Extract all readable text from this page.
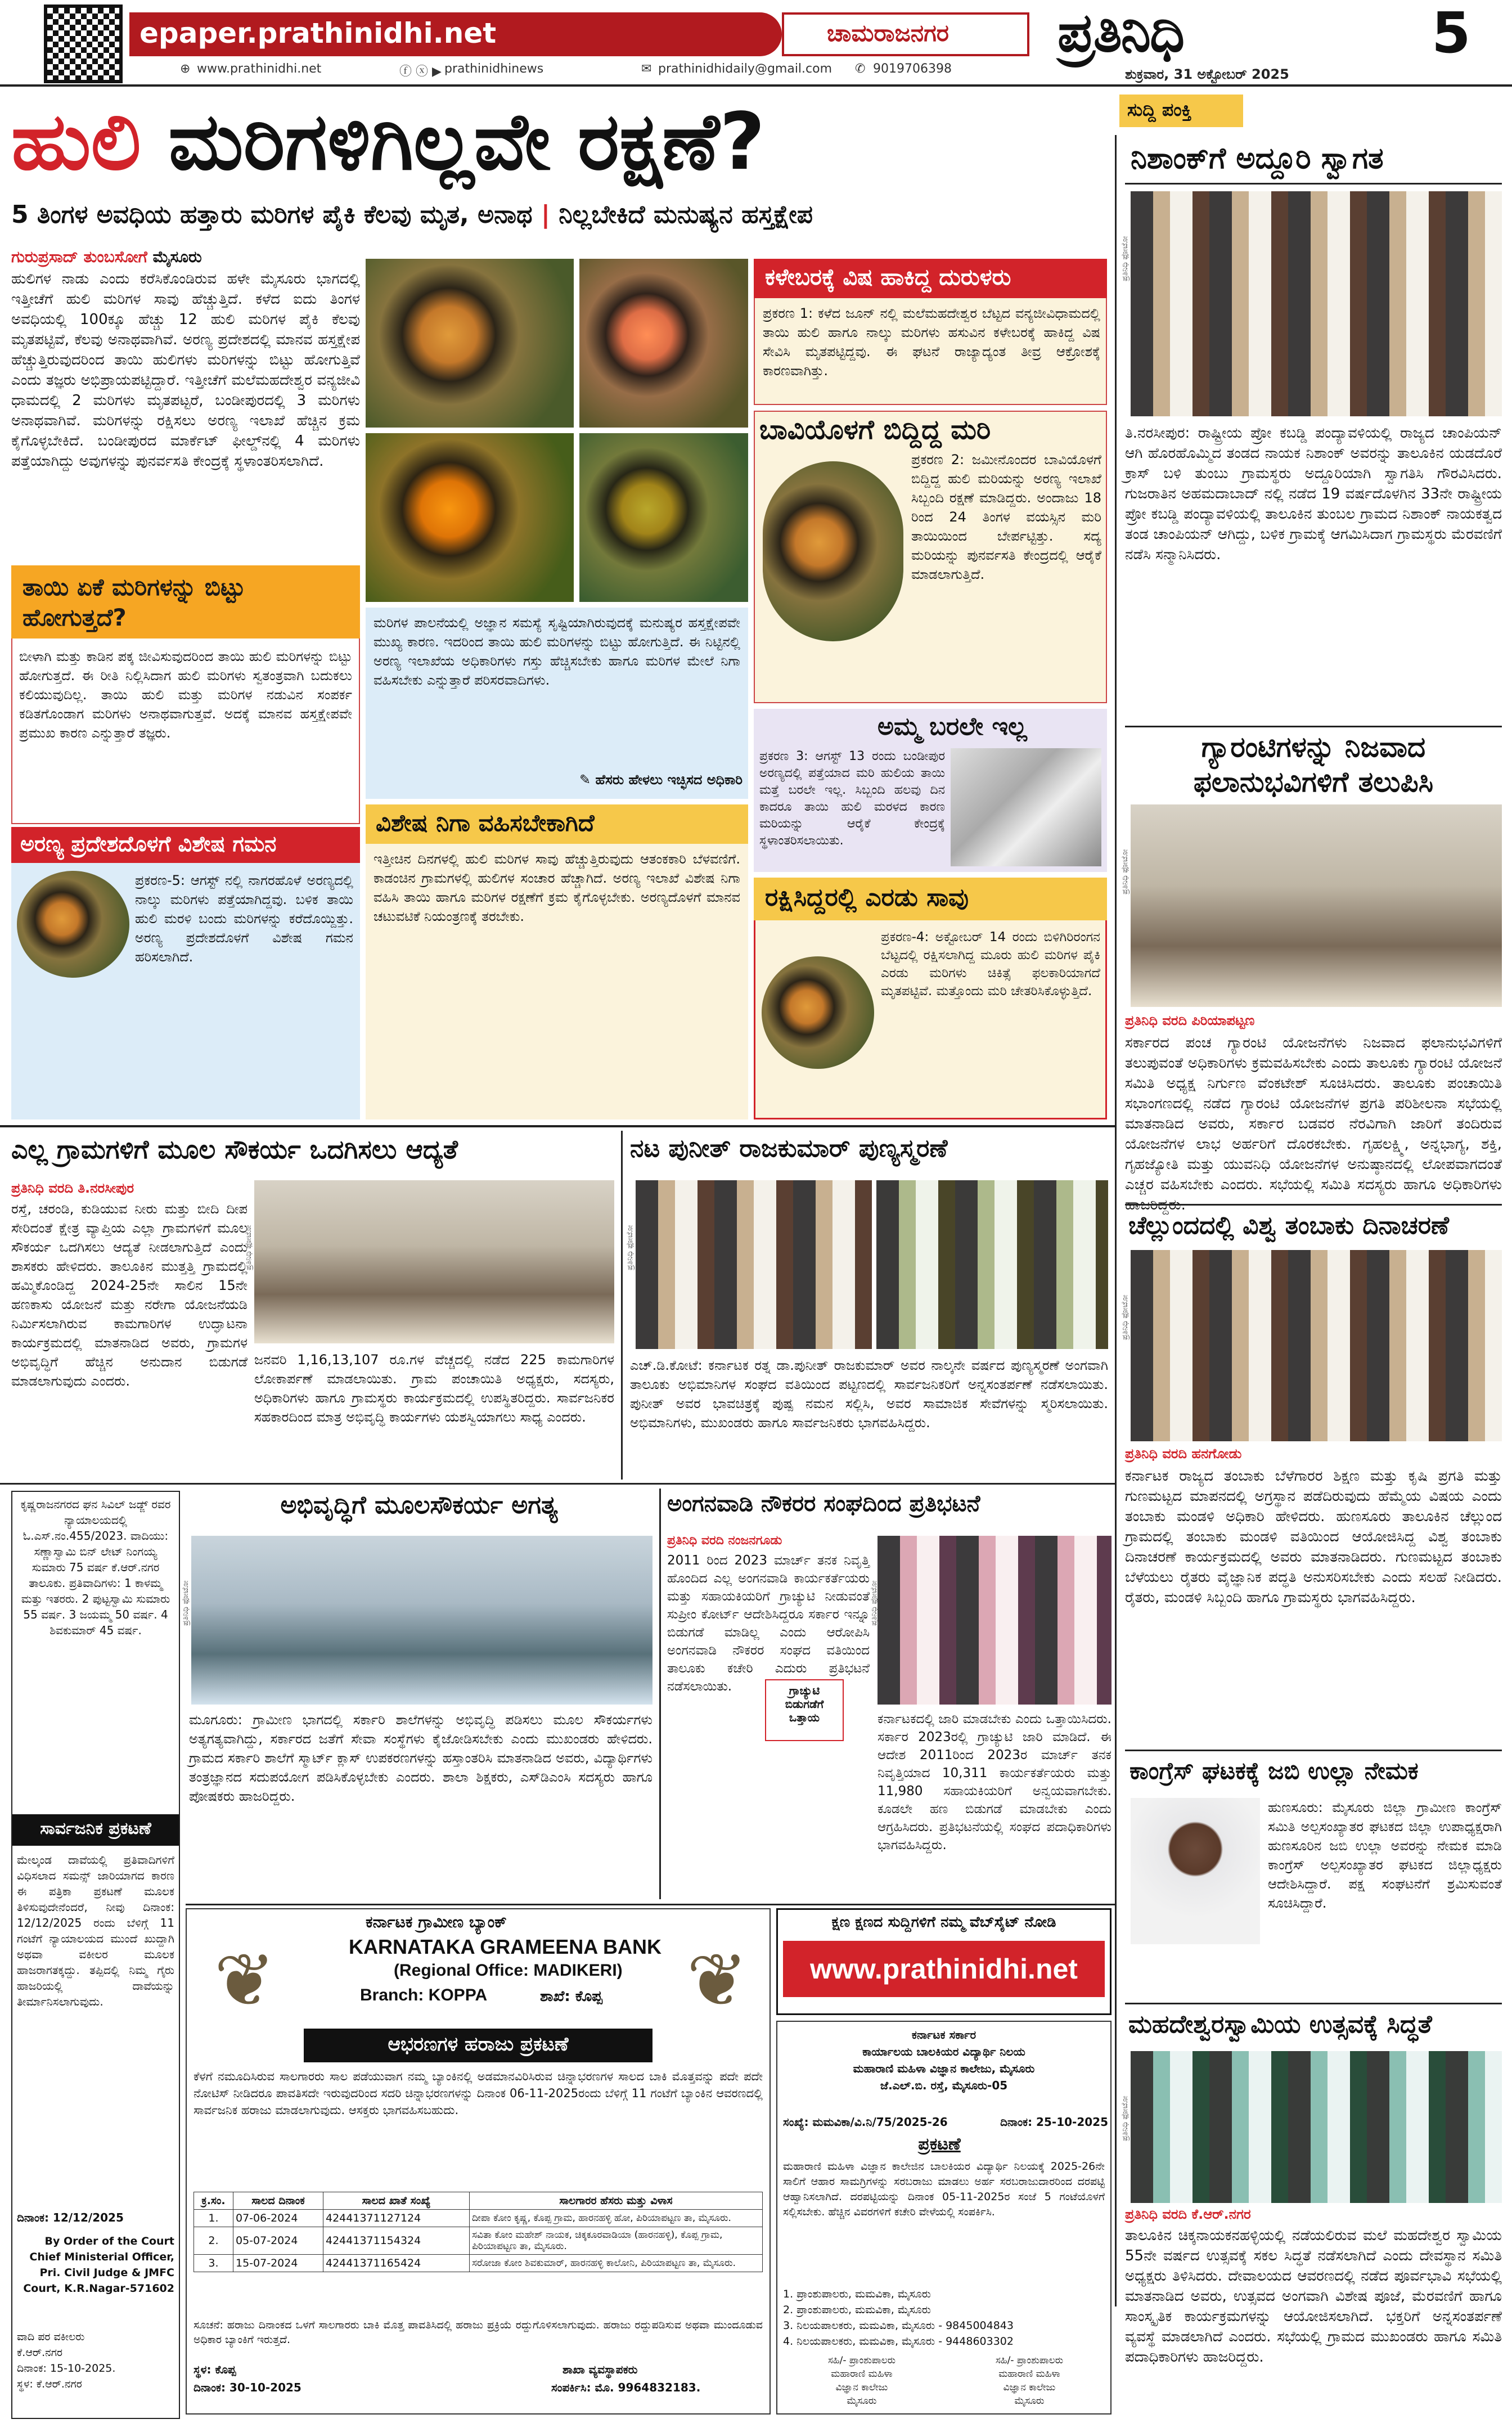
epaper.prathinidhi.net	ಚಾಮರಾಜನಗರ
⊕ www.prathinidhi.net	ⓕ ⓧ ▶ prathinidhinews	✉ prathinidhidaily@gmail.com ✆ 9019706398
ಪ್ರತಿನಿಧಿ	5
ಶುಕ್ರವಾರ, 31 ಅಕ್ಟೋಬರ್ 2025
ಹುಲಿ ಮರಿಗಳಿಗಿಲ್ಲವೇ ರಕ್ಷಣೆ?	ಸುದ್ದಿ ಪಂಕ್ತಿ
5 ತಿಂಗಳ ಅವಧಿಯ ಹತ್ತಾರು ಮರಿಗಳ ಪೈಕಿ ಕೆಲವು ಮೃತ, ಅನಾಥ | ನಿಲ್ಲಬೇಕಿದೆ ಮನುಷ್ಯನ ಹಸ್ತಕ್ಷೇಪ
ಗುರುಪ್ರಸಾದ್ ತುಂಬಸೋಗೆ ಮೈಸೂರು
ಹುಲಿಗಳ ನಾಡು ಎಂದು ಕರೆಸಿಕೊಂಡಿರುವ ಹಳೇ ಮೈಸೂರು ಭಾಗದಲ್ಲಿ ಇತ್ತೀಚೆಗೆ ಹುಲಿ ಮರಿಗಳ ಸಾವು ಹೆಚ್ಚುತ್ತಿದೆ. ಕಳೆದ ಐದು ತಿಂಗಳ ಅವಧಿಯಲ್ಲಿ 100ಕ್ಕೂ ಹೆಚ್ಚು 12 ಹುಲಿ ಮರಿಗಳ ಪೈಕಿ ಕೆಲವು ಮೃತಪಟ್ಟಿವೆ, ಕೆಲವು ಅನಾಥವಾಗಿವೆ. ಅರಣ್ಯ ಪ್ರದೇಶದಲ್ಲಿ ಮಾನವ ಹಸ್ತಕ್ಷೇಪ ಹೆಚ್ಚುತ್ತಿರುವುದರಿಂದ ತಾಯಿ ಹುಲಿಗಳು ಮರಿಗಳನ್ನು ಬಿಟ್ಟು ಹೋಗುತ್ತಿವೆ ಎಂದು ತಜ್ಞರು ಅಭಿಪ್ರಾಯಪಟ್ಟಿದ್ದಾರೆ. ಇತ್ತೀಚೆಗೆ ಮಲೆಮಹದೇಶ್ವರ ವನ್ಯಜೀವಿ ಧಾಮದಲ್ಲಿ 2 ಮರಿಗಳು ಮೃತಪಟ್ಟರೆ, ಬಂಡೀಪುರದಲ್ಲಿ 3 ಮರಿಗಳು ಅನಾಥವಾಗಿವೆ. ಮರಿಗಳನ್ನು ರಕ್ಷಿಸಲು ಅರಣ್ಯ ಇಲಾಖೆ ಹೆಚ್ಚಿನ ಕ್ರಮ ಕೈಗೊಳ್ಳಬೇಕಿದೆ. ಬಂಡೀಪುರದ ಮಾರ್ಕೆಟ್ ಫೀಲ್ಡ್‌ನಲ್ಲಿ 4 ಮರಿಗಳು ಪತ್ತೆಯಾಗಿದ್ದು ಅವುಗಳನ್ನು ಪುನರ್ವಸತಿ ಕೇಂದ್ರಕ್ಕೆ ಸ್ಥಳಾಂತರಿಸಲಾಗಿದೆ.
ಕಳೇಬರಕ್ಕೆ ವಿಷ ಹಾಕಿದ್ದ ದುರುಳರು
ಪ್ರಕರಣ 1: ಕಳೆದ ಜೂನ್ ನಲ್ಲಿ ಮಲೆಮಹದೇಶ್ವರ ಬೆಟ್ಟದ ವನ್ಯಜೀವಿಧಾಮದಲ್ಲಿ ತಾಯಿ ಹುಲಿ ಹಾಗೂ ನಾಲ್ಕು ಮರಿಗಳು ಹಸುವಿನ ಕಳೇಬರಕ್ಕೆ ಹಾಕಿದ್ದ ವಿಷ ಸೇವಿಸಿ ಮೃತಪಟ್ಟಿದ್ದವು. ಈ ಘಟನೆ ರಾಜ್ಯಾದ್ಯಂತ ತೀವ್ರ ಆಕ್ರೋಶಕ್ಕೆ ಕಾರಣವಾಗಿತ್ತು.
ಬಾವಿಯೊಳಗೆ ಬಿದ್ದಿದ್ದ ಮರಿ
ಪ್ರಕರಣ 2: ಜಮೀನೊಂದರ ಬಾವಿಯೊಳಗೆ ಬಿದ್ದಿದ್ದ ಹುಲಿ ಮರಿಯನ್ನು ಅರಣ್ಯ ಇಲಾಖೆ ಸಿಬ್ಬಂದಿ ರಕ್ಷಣೆ ಮಾಡಿದ್ದರು. ಅಂದಾಜು 18 ರಿಂದ 24 ತಿಂಗಳ ವಯಸ್ಸಿನ ಮರಿ ತಾಯಿಯಿಂದ ಬೇರ್ಪಟ್ಟಿತ್ತು. ಸದ್ಯ ಮರಿಯನ್ನು ಪುನರ್ವಸತಿ ಕೇಂದ್ರದಲ್ಲಿ ಆರೈಕೆ ಮಾಡಲಾಗುತ್ತಿದೆ.
ತಾಯಿ ಏಕೆ ಮರಿಗಳನ್ನು ಬಿಟ್ಟು ಹೋಗುತ್ತದೆ?
ಬೀಳಾಗಿ ಮತ್ತು ಕಾಡಿನ ಪಕ್ಕ ಜೀವಿಸುವುದರಿಂದ ತಾಯಿ ಹುಲಿ ಮರಿಗಳನ್ನು ಬಿಟ್ಟು ಹೋಗುತ್ತದೆ. ಈ ರೀತಿ ನಿಲ್ಲಿಸಿದಾಗ ಹುಲಿ ಮರಿಗಳು ಸ್ವತಂತ್ರವಾಗಿ ಬದುಕಲು ಕಲಿಯುವುದಿಲ್ಲ. ತಾಯಿ ಹುಲಿ ಮತ್ತು ಮರಿಗಳ ನಡುವಿನ ಸಂಪರ್ಕ ಕಡಿತಗೊಂಡಾಗ ಮರಿಗಳು ಅನಾಥವಾಗುತ್ತವೆ. ಅದಕ್ಕೆ ಮಾನವ ಹಸ್ತಕ್ಷೇಪವೇ ಪ್ರಮುಖ ಕಾರಣ ಎನ್ನುತ್ತಾರೆ ತಜ್ಞರು.
ಮರಿಗಳ ಪಾಲನೆಯಲ್ಲಿ ಅಜ್ಞಾನ ಸಮಸ್ಯೆ ಸೃಷ್ಟಿಯಾಗಿರುವುದಕ್ಕೆ ಮನುಷ್ಯರ ಹಸ್ತಕ್ಷೇಪವೇ ಮುಖ್ಯ ಕಾರಣ. ಇದರಿಂದ ತಾಯಿ ಹುಲಿ ಮರಿಗಳನ್ನು ಬಿಟ್ಟು ಹೋಗುತ್ತಿದೆ. ಈ ನಿಟ್ಟಿನಲ್ಲಿ ಅರಣ್ಯ ಇಲಾಖೆಯ ಅಧಿಕಾರಿಗಳು ಗಸ್ತು ಹೆಚ್ಚಿಸಬೇಕು ಹಾಗೂ ಮರಿಗಳ ಮೇಲೆ ನಿಗಾ ವಹಿಸಬೇಕು ಎನ್ನುತ್ತಾರೆ ಪರಿಸರವಾದಿಗಳು.
✎ ಹೆಸರು ಹೇಳಲು ಇಚ್ಛಿಸದ ಅಧಿಕಾರಿ
ವಿಶೇಷ ನಿಗಾ ವಹಿಸಬೇಕಾಗಿದೆ
ಇತ್ತೀಚಿನ ದಿನಗಳಲ್ಲಿ ಹುಲಿ ಮರಿಗಳ ಸಾವು ಹೆಚ್ಚುತ್ತಿರುವುದು ಆತಂಕಕಾರಿ ಬೆಳವಣಿಗೆ. ಕಾಡಂಚಿನ ಗ್ರಾಮಗಳಲ್ಲಿ ಹುಲಿಗಳ ಸಂಚಾರ ಹೆಚ್ಚಾಗಿದೆ. ಅರಣ್ಯ ಇಲಾಖೆ ವಿಶೇಷ ನಿಗಾ ವಹಿಸಿ ತಾಯಿ ಹಾಗೂ ಮರಿಗಳ ರಕ್ಷಣೆಗೆ ಕ್ರಮ ಕೈಗೊಳ್ಳಬೇಕು. ಅರಣ್ಯದೊಳಗೆ ಮಾನವ ಚಟುವಟಿಕೆ ನಿಯಂತ್ರಣಕ್ಕೆ ತರಬೇಕು.
ಅಮ್ಮ ಬರಲೇ ಇಲ್ಲ
ಪ್ರಕರಣ 3: ಆಗಸ್ಟ್ 13 ರಂದು ಬಂಡೀಪುರ ಅರಣ್ಯದಲ್ಲಿ ಪತ್ತೆಯಾದ ಮರಿ ಹುಲಿಯ ತಾಯಿ ಮತ್ತೆ ಬರಲೇ ಇಲ್ಲ. ಸಿಬ್ಬಂದಿ ಹಲವು ದಿನ ಕಾದರೂ ತಾಯಿ ಹುಲಿ ಮರಳದ ಕಾರಣ ಮರಿಯನ್ನು ಆರೈಕೆ ಕೇಂದ್ರಕ್ಕೆ ಸ್ಥಳಾಂತರಿಸಲಾಯಿತು.
ಅರಣ್ಯ ಪ್ರದೇಶದೊಳಗೆ ವಿಶೇಷ ಗಮನ
ಪ್ರಕರಣ-5: ಆಗಸ್ಟ್ ನಲ್ಲಿ ನಾಗರಹೊಳೆ ಅರಣ್ಯದಲ್ಲಿ ನಾಲ್ಕು ಮರಿಗಳು ಪತ್ತೆಯಾಗಿದ್ದವು. ಬಳಿಕ ತಾಯಿ ಹುಲಿ ಮರಳಿ ಬಂದು ಮರಿಗಳನ್ನು ಕರೆದೊಯ್ದಿತ್ತು. ಅರಣ್ಯ ಪ್ರದೇಶದೊಳಗೆ ವಿಶೇಷ ಗಮನ ಹರಿಸಲಾಗಿದೆ.
ರಕ್ಷಿಸಿದ್ದರಲ್ಲಿ ಎರಡು ಸಾವು
ಪ್ರಕರಣ-4: ಅಕ್ಟೋಬರ್ 14 ರಂದು ಬಿಳಿಗಿರಿರಂಗನ ಬೆಟ್ಟದಲ್ಲಿ ರಕ್ಷಿಸಲಾಗಿದ್ದ ಮೂರು ಹುಲಿ ಮರಿಗಳ ಪೈಕಿ ಎರಡು ಮರಿಗಳು ಚಿಕಿತ್ಸೆ ಫಲಕಾರಿಯಾಗದೆ ಮೃತಪಟ್ಟಿವೆ. ಮತ್ತೊಂದು ಮರಿ ಚೇತರಿಸಿಕೊಳ್ಳುತ್ತಿದೆ.
ನಿಶಾಂಕ್‌ಗೆ ಅದ್ದೂರಿ ಸ್ವಾಗತ
ಪ್ರತಿನಿಧಿ ಫೋಟೋ
ತಿ.ನರಸೀಪುರ: ರಾಷ್ಟ್ರೀಯ ಪ್ರೋ ಕಬಡ್ಡಿ ಪಂದ್ಯಾವಳಿಯಲ್ಲಿ ರಾಜ್ಯದ ಚಾಂಪಿಯನ್ ಆಗಿ ಹೊರಹೊಮ್ಮಿದ ತಂಡದ ನಾಯಕ ನಿಶಾಂಕ್ ಅವರನ್ನು ತಾಲೂಕಿನ ಯಡದೊರೆ ಕ್ರಾಸ್ ಬಳಿ ತುಂಬು ಗ್ರಾಮಸ್ಥರು ಅದ್ದೂರಿಯಾಗಿ ಸ್ವಾಗತಿಸಿ ಗೌರವಿಸಿದರು. ಗುಜರಾತಿನ ಅಹಮದಾಬಾದ್ ನಲ್ಲಿ ನಡೆದ 19 ವರ್ಷದೊಳಗಿನ 33ನೇ ರಾಷ್ಟ್ರೀಯ ಪ್ರೋ ಕಬಡ್ಡಿ ಪಂದ್ಯಾವಳಿಯಲ್ಲಿ ತಾಲೂಕಿನ ತುಂಬಲ ಗ್ರಾಮದ ನಿಶಾಂಕ್ ನಾಯಕತ್ವದ ತಂಡ ಚಾಂಪಿಯನ್ ಆಗಿದ್ದು, ಬಳಿಕ ಗ್ರಾಮಕ್ಕೆ ಆಗಮಿಸಿದಾಗ ಗ್ರಾಮಸ್ಥರು ಮೆರವಣಿಗೆ ನಡೆಸಿ ಸನ್ಮಾನಿಸಿದರು.
ಗ್ಯಾರಂಟಿಗಳನ್ನು ನಿಜವಾದ ಫಲಾನುಭವಿಗಳಿಗೆ ತಲುಪಿಸಿ
ಪ್ರತಿನಿಧಿ ಫೋಟೋ
ಪ್ರತಿನಿಧಿ ವರದಿ ಪಿರಿಯಾಪಟ್ಟಣ
ಸರ್ಕಾರದ ಪಂಚ ಗ್ಯಾರಂಟಿ ಯೋಜನೆಗಳು ನಿಜವಾದ ಫಲಾನುಭವಿಗಳಿಗೆ ತಲುಪುವಂತೆ ಅಧಿಕಾರಿಗಳು ಕ್ರಮವಹಿಸಬೇಕು ಎಂದು ತಾಲೂಕು ಗ್ಯಾರಂಟಿ ಯೋಜನೆ ಸಮಿತಿ ಅಧ್ಯಕ್ಷ ನಿರ್ಗುಣ ವೆಂಕಟೇಶ್ ಸೂಚಿಸಿದರು. ತಾಲೂಕು ಪಂಚಾಯಿತಿ ಸಭಾಂಗಣದಲ್ಲಿ ನಡೆದ ಗ್ಯಾರಂಟಿ ಯೋಜನೆಗಳ ಪ್ರಗತಿ ಪರಿಶೀಲನಾ ಸಭೆಯಲ್ಲಿ ಮಾತನಾಡಿದ ಅವರು, ಸರ್ಕಾರ ಬಡವರ ನೆರವಿಗಾಗಿ ಜಾರಿಗೆ ತಂದಿರುವ ಯೋಜನೆಗಳ ಲಾಭ ಅರ್ಹರಿಗೆ ದೊರಕಬೇಕು. ಗೃಹಲಕ್ಷ್ಮಿ, ಅನ್ನಭಾಗ್ಯ, ಶಕ್ತಿ, ಗೃಹಜ್ಯೋತಿ ಮತ್ತು ಯುವನಿಧಿ ಯೋಜನೆಗಳ ಅನುಷ್ಠಾನದಲ್ಲಿ ಲೋಪವಾಗದಂತೆ ಎಚ್ಚರ ವಹಿಸಬೇಕು ಎಂದರು. ಸಭೆಯಲ್ಲಿ ಸಮಿತಿ ಸದಸ್ಯರು ಹಾಗೂ ಅಧಿಕಾರಿಗಳು ಹಾಜರಿದ್ದರು.
ಚೆಲ್ಲುಂದದಲ್ಲಿ ವಿಶ್ವ ತಂಬಾಕು ದಿನಾಚರಣೆ
ಪ್ರತಿನಿಧಿ ಫೋಟೋ
ಪ್ರತಿನಿಧಿ ವರದಿ ಹನಗೋಡು
ಕರ್ನಾಟಕ ರಾಜ್ಯದ ತಂಬಾಕು ಬೆಳೆಗಾರರ ಶಿಕ್ಷಣ ಮತ್ತು ಕೃಷಿ ಪ್ರಗತಿ ಮತ್ತು ಗುಣಮಟ್ಟದ ಮಾಪನದಲ್ಲಿ ಅಗ್ರಸ್ಥಾನ ಪಡೆದಿರುವುದು ಹೆಮ್ಮೆಯ ವಿಷಯ ಎಂದು ತಂಬಾಕು ಮಂಡಳಿ ಅಧಿಕಾರಿ ಹೇಳಿದರು. ಹುಣಸೂರು ತಾಲೂಕಿನ ಚೆಲ್ಲುಂದ ಗ್ರಾಮದಲ್ಲಿ ತಂಬಾಕು ಮಂಡಳಿ ವತಿಯಿಂದ ಆಯೋಜಿಸಿದ್ದ ವಿಶ್ವ ತಂಬಾಕು ದಿನಾಚರಣೆ ಕಾರ್ಯಕ್ರಮದಲ್ಲಿ ಅವರು ಮಾತನಾಡಿದರು. ಗುಣಮಟ್ಟದ ತಂಬಾಕು ಬೆಳೆಯಲು ರೈತರು ವೈಜ್ಞಾನಿಕ ಪದ್ಧತಿ ಅನುಸರಿಸಬೇಕು ಎಂದು ಸಲಹೆ ನೀಡಿದರು. ರೈತರು, ಮಂಡಳಿ ಸಿಬ್ಬಂದಿ ಹಾಗೂ ಗ್ರಾಮಸ್ಥರು ಭಾಗವಹಿಸಿದ್ದರು.
ಕಾಂಗ್ರೆಸ್ ಘಟಕಕ್ಕೆ ಜಬಿ ಉಲ್ಲಾ ನೇಮಕ
ಹುಣಸೂರು: ಮೈಸೂರು ಜಿಲ್ಲಾ ಗ್ರಾಮೀಣ ಕಾಂಗ್ರೆಸ್ ಸಮಿತಿ ಅಲ್ಪಸಂಖ್ಯಾತರ ಘಟಕದ ಜಿಲ್ಲಾ ಉಪಾಧ್ಯಕ್ಷರಾಗಿ ಹುಣಸೂರಿನ ಜಬಿ ಉಲ್ಲಾ ಅವರನ್ನು ನೇಮಕ ಮಾಡಿ ಕಾಂಗ್ರೆಸ್ ಅಲ್ಪಸಂಖ್ಯಾತರ ಘಟಕದ ಜಿಲ್ಲಾಧ್ಯಕ್ಷರು ಆದೇಶಿಸಿದ್ದಾರೆ. ಪಕ್ಷ ಸಂಘಟನೆಗೆ ಶ್ರಮಿಸುವಂತೆ ಸೂಚಿಸಿದ್ದಾರೆ.
ಮಹದೇಶ್ವರಸ್ವಾಮಿಯ ಉತ್ಸವಕ್ಕೆ ಸಿದ್ಧತೆ
ಪ್ರತಿನಿಧಿ ಫೋಟೋ
ಪ್ರತಿನಿಧಿ ವರದಿ ಕೆ.ಆರ್.ನಗರ
ತಾಲೂಕಿನ ಚಿಕ್ಕನಾಯಕನಹಳ್ಳಿಯಲ್ಲಿ ನಡೆಯಲಿರುವ ಮಲೆ ಮಹದೇಶ್ವರ ಸ್ವಾಮಿಯ 55ನೇ ವರ್ಷದ ಉತ್ಸವಕ್ಕೆ ಸಕಲ ಸಿದ್ಧತೆ ನಡೆಸಲಾಗಿದೆ ಎಂದು ದೇವಸ್ಥಾನ ಸಮಿತಿ ಅಧ್ಯಕ್ಷರು ತಿಳಿಸಿದರು. ದೇವಾಲಯದ ಆವರಣದಲ್ಲಿ ನಡೆದ ಪೂರ್ವಭಾವಿ ಸಭೆಯಲ್ಲಿ ಮಾತನಾಡಿದ ಅವರು, ಉತ್ಸವದ ಅಂಗವಾಗಿ ವಿಶೇಷ ಪೂಜೆ, ಮೆರವಣಿಗೆ ಹಾಗೂ ಸಾಂಸ್ಕೃತಿಕ ಕಾರ್ಯಕ್ರಮಗಳನ್ನು ಆಯೋಜಿಸಲಾಗಿದೆ. ಭಕ್ತರಿಗೆ ಅನ್ನಸಂತರ್ಪಣೆ ವ್ಯವಸ್ಥೆ ಮಾಡಲಾಗಿದೆ ಎಂದರು. ಸಭೆಯಲ್ಲಿ ಗ್ರಾಮದ ಮುಖಂಡರು ಹಾಗೂ ಸಮಿತಿ ಪದಾಧಿಕಾರಿಗಳು ಹಾಜರಿದ್ದರು.
ಎಲ್ಲ ಗ್ರಾಮಗಳಿಗೆ ಮೂಲ ಸೌಕರ್ಯ ಒದಗಿಸಲು ಆದ್ಯತೆ
ಪ್ರತಿನಿಧಿ ವರದಿ ತಿ.ನರಸೀಪುರ
ರಸ್ತೆ, ಚರಂಡಿ, ಕುಡಿಯುವ ನೀರು ಮತ್ತು ಬೀದಿ ದೀಪ ಸೇರಿದಂತೆ ಕ್ಷೇತ್ರ ವ್ಯಾಪ್ತಿಯ ಎಲ್ಲಾ ಗ್ರಾಮಗಳಿಗೆ ಮೂಲ ಸೌಕರ್ಯ ಒದಗಿಸಲು ಆದ್ಯತೆ ನೀಡಲಾಗುತ್ತಿದೆ ಎಂದು ಶಾಸಕರು ಹೇಳಿದರು. ತಾಲೂಕಿನ ಮುತ್ತತ್ತಿ ಗ್ರಾಮದಲ್ಲಿ ಹಮ್ಮಿಕೊಂಡಿದ್ದ 2024-25ನೇ ಸಾಲಿನ 15ನೇ ಹಣಕಾಸು ಯೋಜನೆ ಮತ್ತು ನರೇಗಾ ಯೋಜನೆಯಡಿ ನಿರ್ಮಿಸಲಾಗಿರುವ ಕಾಮಗಾರಿಗಳ ಉದ್ಘಾಟನಾ ಕಾರ್ಯಕ್ರಮದಲ್ಲಿ ಮಾತನಾಡಿದ ಅವರು, ಗ್ರಾಮಗಳ ಅಭಿವೃದ್ಧಿಗೆ ಹೆಚ್ಚಿನ ಅನುದಾನ ಬಿಡುಗಡೆ ಮಾಡಲಾಗುವುದು ಎಂದರು.
ಪ್ರತಿನಿಧಿ ಫೋಟೋ
ಜನವರಿ 1,16,13,107 ರೂ.ಗಳ ವೆಚ್ಚದಲ್ಲಿ ನಡೆದ 225 ಕಾಮಗಾರಿಗಳ ಲೋಕಾರ್ಪಣೆ ಮಾಡಲಾಯಿತು. ಗ್ರಾಮ ಪಂಚಾಯಿತಿ ಅಧ್ಯಕ್ಷರು, ಸದಸ್ಯರು, ಅಧಿಕಾರಿಗಳು ಹಾಗೂ ಗ್ರಾಮಸ್ಥರು ಕಾರ್ಯಕ್ರಮದಲ್ಲಿ ಉಪಸ್ಥಿತರಿದ್ದರು. ಸಾರ್ವಜನಿಕರ ಸಹಕಾರದಿಂದ ಮಾತ್ರ ಅಭಿವೃದ್ಧಿ ಕಾರ್ಯಗಳು ಯಶಸ್ವಿಯಾಗಲು ಸಾಧ್ಯ ಎಂದರು.
ನಟ ಪುನೀತ್ ರಾಜಕುಮಾರ್ ಪುಣ್ಯಸ್ಮರಣೆ
ಪ್ರತಿನಿಧಿ ಫೋಟೋ
ಎಚ್.ಡಿ.ಕೋಟೆ: ಕರ್ನಾಟಕ ರತ್ನ ಡಾ.ಪುನೀತ್ ರಾಜಕುಮಾರ್ ಅವರ ನಾಲ್ಕನೇ ವರ್ಷದ ಪುಣ್ಯಸ್ಮರಣೆ ಅಂಗವಾಗಿ ತಾಲೂಕು ಅಭಿಮಾನಿಗಳ ಸಂಘದ ವತಿಯಿಂದ ಪಟ್ಟಣದಲ್ಲಿ ಸಾರ್ವಜನಿಕರಿಗೆ ಅನ್ನಸಂತರ್ಪಣೆ ನಡೆಸಲಾಯಿತು. ಪುನೀತ್ ಅವರ ಭಾವಚಿತ್ರಕ್ಕೆ ಪುಷ್ಪ ನಮನ ಸಲ್ಲಿಸಿ, ಅವರ ಸಾಮಾಜಿಕ ಸೇವೆಗಳನ್ನು ಸ್ಮರಿಸಲಾಯಿತು. ಅಭಿಮಾನಿಗಳು, ಮುಖಂಡರು ಹಾಗೂ ಸಾರ್ವಜನಿಕರು ಭಾಗವಹಿಸಿದ್ದರು.
ಕೃಷ್ಣರಾಜನಗರದ ಘನ ಸಿವಿಲ್ ಜಡ್ಜ್ ರವರ ನ್ಯಾಯಾಲಯದಲ್ಲಿ ಓ.ಎಸ್.ನಂ.455/2023. ವಾದಿಯು: ಸಣ್ಣಾಸ್ವಾಮಿ ಬಿನ್ ಲೇಟ್ ನಿಂಗಯ್ಯ ಸುಮಾರು 75 ವರ್ಷ ಕೆ.ಆರ್.ನಗರ ತಾಲೂಕು. ಪ್ರತಿವಾದಿಗಳು: 1 ಕಾಳಮ್ಮ ಮತ್ತು ಇತರರು. 2 ಪುಟ್ಟಸ್ವಾಮಿ ಸುಮಾರು 55 ವರ್ಷ. 3 ಜಯಮ್ಮ 50 ವರ್ಷ. 4 ಶಿವಕುಮಾರ್ 45 ವರ್ಷ.
ಸಾರ್ವಜನಿಕ ಪ್ರಕಟಣೆ
ಮೇಲ್ಕಂಡ ದಾವೆಯಲ್ಲಿ ಪ್ರತಿವಾದಿಗಳಿಗೆ ವಿಧಿಸಲಾದ ಸಮನ್ಸ್ ಜಾರಿಯಾಗದ ಕಾರಣ ಈ ಪತ್ರಿಕಾ ಪ್ರಕಟಣೆ ಮೂಲಕ ತಿಳಿಸುವುದೇನೆಂದರೆ, ನೀವು ದಿನಾಂಕ: 12/12/2025 ರಂದು ಬೆಳಿಗ್ಗೆ 11 ಗಂಟೆಗೆ ನ್ಯಾಯಾಲಯದ ಮುಂದೆ ಖುದ್ದಾಗಿ ಅಥವಾ ವಕೀಲರ ಮೂಲಕ ಹಾಜರಾಗತಕ್ಕದ್ದು. ತಪ್ಪಿದಲ್ಲಿ ನಿಮ್ಮ ಗೈರು ಹಾಜರಿಯಲ್ಲಿ ದಾವೆಯನ್ನು ತೀರ್ಮಾನಿಸಲಾಗುವುದು.
ದಿನಾಂಕ: 12/12/2025
By Order of the Court
Chief Ministerial Officer,
Pri. Civil Judge & JMFC
Court, K.R.Nagar-571602
ವಾದಿ ಪರ ವಕೀಲರು
ಕೆ.ಆರ್.ನಗರ
ದಿನಾಂಕ: 15-10-2025.
ಸ್ಥಳ: ಕೆ.ಆರ್.ನಗರ
ಅಭಿವೃದ್ಧಿಗೆ ಮೂಲಸೌಕರ್ಯ ಅಗತ್ಯ
ಪ್ರತಿನಿಧಿ ಫೋಟೋ
ಮೂಗೂರು: ಗ್ರಾಮೀಣ ಭಾಗದಲ್ಲಿ ಸರ್ಕಾರಿ ಶಾಲೆಗಳನ್ನು ಅಭಿವೃದ್ಧಿ ಪಡಿಸಲು ಮೂಲ ಸೌಕರ್ಯಗಳು ಅತ್ಯಗತ್ಯವಾಗಿದ್ದು, ಸರ್ಕಾರದ ಜತೆಗೆ ಸೇವಾ ಸಂಸ್ಥೆಗಳು ಕೈಜೋಡಿಸಬೇಕು ಎಂದು ಮುಖಂಡರು ಹೇಳಿದರು. ಗ್ರಾಮದ ಸರ್ಕಾರಿ ಶಾಲೆಗೆ ಸ್ಮಾರ್ಟ್ ಕ್ಲಾಸ್ ಉಪಕರಣಗಳನ್ನು ಹಸ್ತಾಂತರಿಸಿ ಮಾತನಾಡಿದ ಅವರು, ವಿದ್ಯಾರ್ಥಿಗಳು ತಂತ್ರಜ್ಞಾನದ ಸದುಪಯೋಗ ಪಡಿಸಿಕೊಳ್ಳಬೇಕು ಎಂದರು. ಶಾಲಾ ಶಿಕ್ಷಕರು, ಎಸ್‌ಡಿಎಂಸಿ ಸದಸ್ಯರು ಹಾಗೂ ಪೋಷಕರು ಹಾಜರಿದ್ದರು.
ಅಂಗನವಾಡಿ ನೌಕರರ ಸಂಘದಿಂದ ಪ್ರತಿಭಟನೆ
ಪ್ರತಿನಿಧಿ ವರದಿ ನಂಜನಗೂಡು
2011 ರಿಂದ 2023 ಮಾರ್ಚ್ ತನಕ ನಿವೃತ್ತಿ ಹೊಂದಿದ ಎಲ್ಲ ಅಂಗನವಾಡಿ ಕಾರ್ಯಕರ್ತೆಯರು ಮತ್ತು ಸಹಾಯಕಿಯರಿಗೆ ಗ್ರಾಚ್ಯುಟಿ ನೀಡುವಂತೆ ಸುಪ್ರೀಂ ಕೋರ್ಟ್ ಆದೇಶಿಸಿದ್ದರೂ ಸರ್ಕಾರ ಇನ್ನೂ ಬಿಡುಗಡೆ ಮಾಡಿಲ್ಲ ಎಂದು ಆರೋಪಿಸಿ ಅಂಗನವಾಡಿ ನೌಕರರ ಸಂಘದ ವತಿಯಿಂದ ತಾಲೂಕು ಕಚೇರಿ ಎದುರು ಪ್ರತಿಭಟನೆ ನಡೆಸಲಾಯಿತು.	ಗ್ರಾಚ್ಯುಟಿ ಬಿಡುಗಡೆಗೆ ಒತ್ತಾಯ
ಪ್ರತಿನಿಧಿ ಫೋಟೋ
ಕರ್ನಾಟಕದಲ್ಲಿ ಜಾರಿ ಮಾಡಬೇಕು ಎಂದು ಒತ್ತಾಯಿಸಿದರು. ಸರ್ಕಾರ 2023ರಲ್ಲಿ ಗ್ರಾಚ್ಯುಟಿ ಜಾರಿ ಮಾಡಿದೆ. ಈ ಆದೇಶ 2011ರಿಂದ 2023ರ ಮಾರ್ಚ್ ತನಕ ನಿವೃತ್ತಿಯಾದ 10,311 ಕಾರ್ಯಕರ್ತೆಯರು ಮತ್ತು 11,980 ಸಹಾಯಕಿಯರಿಗೆ ಅನ್ವಯವಾಗಬೇಕು. ಕೂಡಲೇ ಹಣ ಬಿಡುಗಡೆ ಮಾಡಬೇಕು ಎಂದು ಆಗ್ರಹಿಸಿದರು. ಪ್ರತಿಭಟನೆಯಲ್ಲಿ ಸಂಘದ ಪದಾಧಿಕಾರಿಗಳು ಭಾಗವಹಿಸಿದ್ದರು.
ಕರ್ನಾಟಕ ಗ್ರಾಮೀಣ ಬ್ಯಾಂಕ್
❦	KARNATAKA GRAMEENA BANK
(Regional Office: MADIKERI)
Branch: KOPPA	ಶಾಖೆ: ಕೊಪ್ಪ	❦
ಆಭರಣಗಳ ಹರಾಜು ಪ್ರಕಟಣೆ
ಕೆಳಗೆ ನಮೂದಿಸಿರುವ ಸಾಲಗಾರರು ಸಾಲ ಪಡೆಯುವಾಗ ನಮ್ಮ ಬ್ಯಾಂಕಿನಲ್ಲಿ ಅಡಮಾನವಿರಿಸಿರುವ ಚಿನ್ನಾಭರಣಗಳ ಸಾಲದ ಬಾಕಿ ಮೊತ್ತವನ್ನು ಪದೇ ಪದೇ ನೋಟಿಸ್ ನೀಡಿದರೂ ಪಾವತಿಸದೇ ಇರುವುದರಿಂದ ಸದರಿ ಚಿನ್ನಾಭರಣಗಳನ್ನು ದಿನಾಂಕ 06-11-2025ರಂದು ಬೆಳಿಗ್ಗೆ 11 ಗಂಟೆಗೆ ಬ್ಯಾಂಕಿನ ಆವರಣದಲ್ಲಿ ಸಾರ್ವಜನಿಕ ಹರಾಜು ಮಾಡಲಾಗುವುದು. ಆಸಕ್ತರು ಭಾಗವಹಿಸಬಹುದು.
ಕ್ರ.ಸಂ.	ಸಾಲದ ದಿನಾಂಕ	ಸಾಲದ ಖಾತೆ ಸಂಖ್ಯೆ	ಸಾಲಗಾರರ ಹೆಸರು ಮತ್ತು ವಿಳಾಸ
1.	07-06-2024	42441371127124	ದೀಪಾ ಕೋಂ ಕೃಷ್ಣ, ಕೊಪ್ಪ ಗ್ರಾಮ, ಹಾರನಹಳ್ಳಿ ಹೋ, ಪಿರಿಯಾಪಟ್ಟಣ ತಾ, ಮೈಸೂರು.
2.	05-07-2024	42441371154324	ಸವಿತಾ ಕೋಂ ಮಹೇಶ್ ನಾಯಕ, ಚಿಕ್ಕಕೂರವಾಡಿಯಾ (ಹಾರನಹಳ್ಳಿ), ಕೊಪ್ಪ ಗ್ರಾಮ, ಪಿರಿಯಾಪಟ್ಟಣ ತಾ, ಮೈಸೂರು.
3.	15-07-2024	42441371165424	ಸರೋಜಾ ಕೋಂ ಶಿವಕುಮಾರ್, ಹಾರನಹಳ್ಳಿ ಕಾಲೋನಿ, ಪಿರಿಯಾಪಟ್ಟಣ ತಾ, ಮೈಸೂರು.
ಸೂಚನೆ: ಹರಾಜು ದಿನಾಂಕದ ಒಳಗೆ ಸಾಲಗಾರರು ಬಾಕಿ ಮೊತ್ತ ಪಾವತಿಸಿದಲ್ಲಿ ಹರಾಜು ಪ್ರಕ್ರಿಯೆ ರದ್ದುಗೊಳಿಸಲಾಗುವುದು. ಹರಾಜು ರದ್ದುಪಡಿಸುವ ಅಥವಾ ಮುಂದೂಡುವ ಅಧಿಕಾರ ಬ್ಯಾಂಕಿಗೆ ಇರುತ್ತದೆ.
ಸ್ಥಳ: ಕೊಪ್ಪ
ದಿನಾಂಕ: 30-10-2025
ಶಾಖಾ ವ್ಯವಸ್ಥಾಪಕರು
ಸಂಪರ್ಕಿಸಿ: ಮೊ. 9964832183.
ಕ್ಷಣ ಕ್ಷಣದ ಸುದ್ದಿಗಳಿಗೆ ನಮ್ಮ ವೆಬ್‌ಸೈಟ್ ನೋಡಿ
www.prathinidhi.net
ಕರ್ನಾಟಕ ಸರ್ಕಾರ
ಕಾರ್ಯಾಲಯ ಬಾಲಕಿಯರ ವಿದ್ಯಾರ್ಥಿ ನಿಲಯ
ಮಹಾರಾಣಿ ಮಹಿಳಾ ವಿಜ್ಞಾನ ಕಾಲೇಜು, ಮೈಸೂರು
ಜೆ.ಎಲ್.ಬಿ. ರಸ್ತೆ, ಮೈಸೂರು-05
ಸಂಖ್ಯೆ: ಮಮವಿಕಾ/ವಿ.ನಿ/75/2025-26	ದಿನಾಂಕ: 25-10-2025
ಪ್ರಕಟಣೆ
ಮಹಾರಾಣಿ ಮಹಿಳಾ ವಿಜ್ಞಾನ ಕಾಲೇಜಿನ ಬಾಲಕಿಯರ ವಿದ್ಯಾರ್ಥಿ ನಿಲಯಕ್ಕೆ 2025-26ನೇ ಸಾಲಿಗೆ ಆಹಾರ ಸಾಮಗ್ರಿಗಳನ್ನು ಸರಬರಾಜು ಮಾಡಲು ಅರ್ಹ ಸರಬರಾಜುದಾರರಿಂದ ದರಪಟ್ಟಿ ಆಹ್ವಾನಿಸಲಾಗಿದೆ. ದರಪಟ್ಟಿಯನ್ನು ದಿನಾಂಕ 05-11-2025ರ ಸಂಜೆ 5 ಗಂಟೆಯೊಳಗೆ ಸಲ್ಲಿಸಬೇಕು. ಹೆಚ್ಚಿನ ವಿವರಗಳಿಗೆ ಕಚೇರಿ ವೇಳೆಯಲ್ಲಿ ಸಂಪರ್ಕಿಸಿ.
1. ಪ್ರಾಂಶುಪಾಲರು, ಮಮವಿಕಾ, ಮೈಸೂರು
2. ಪ್ರಾಂಶುಪಾಲರು, ಮಮವಿಕಾ, ಮೈಸೂರು
3. ನಿಲಯಪಾಲಕರು, ಮಮವಿಕಾ, ಮೈಸೂರು - 9845004843
4. ನಿಲಯಪಾಲಕರು, ಮಮವಿಕಾ, ಮೈಸೂರು - 9448603302
ಸಹಿ/- ಪ್ರಾಂಶುಪಾಲರು
ಮಹಾರಾಣಿ ಮಹಿಳಾ
ವಿಜ್ಞಾನ ಕಾಲೇಜು
ಮೈಸೂರು
ಸಹಿ/- ಪ್ರಾಂಶುಪಾಲರು
ಮಹಾರಾಣಿ ಮಹಿಳಾ
ವಿಜ್ಞಾನ ಕಾಲೇಜು
ಮೈಸೂರು
